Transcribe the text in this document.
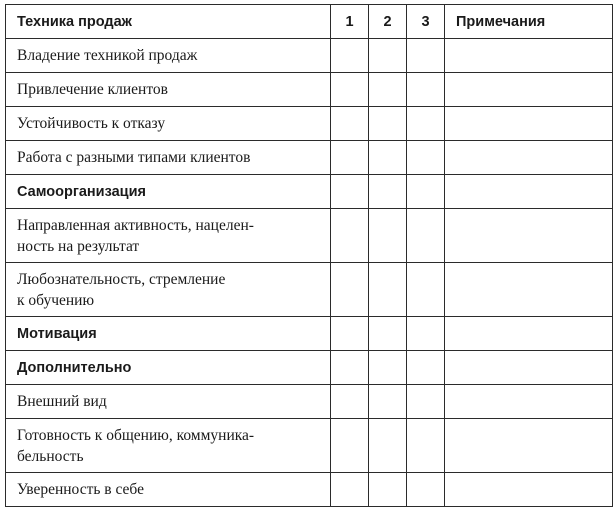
Техника продаж	1	2	3	Примечания
Владение техникой продаж				
Привлечение клиентов				
Устойчивость к отказу				
Работа с разными типами клиентов				
Самоорганизация				
Направленная активность, нацелен-
ность на результат				
Любознательность, стремление
к обучению				
Мотивация				
Дополнительно				
Внешний вид				
Готовность к общению, коммуника-
бельность				
Уверенность в себе				
